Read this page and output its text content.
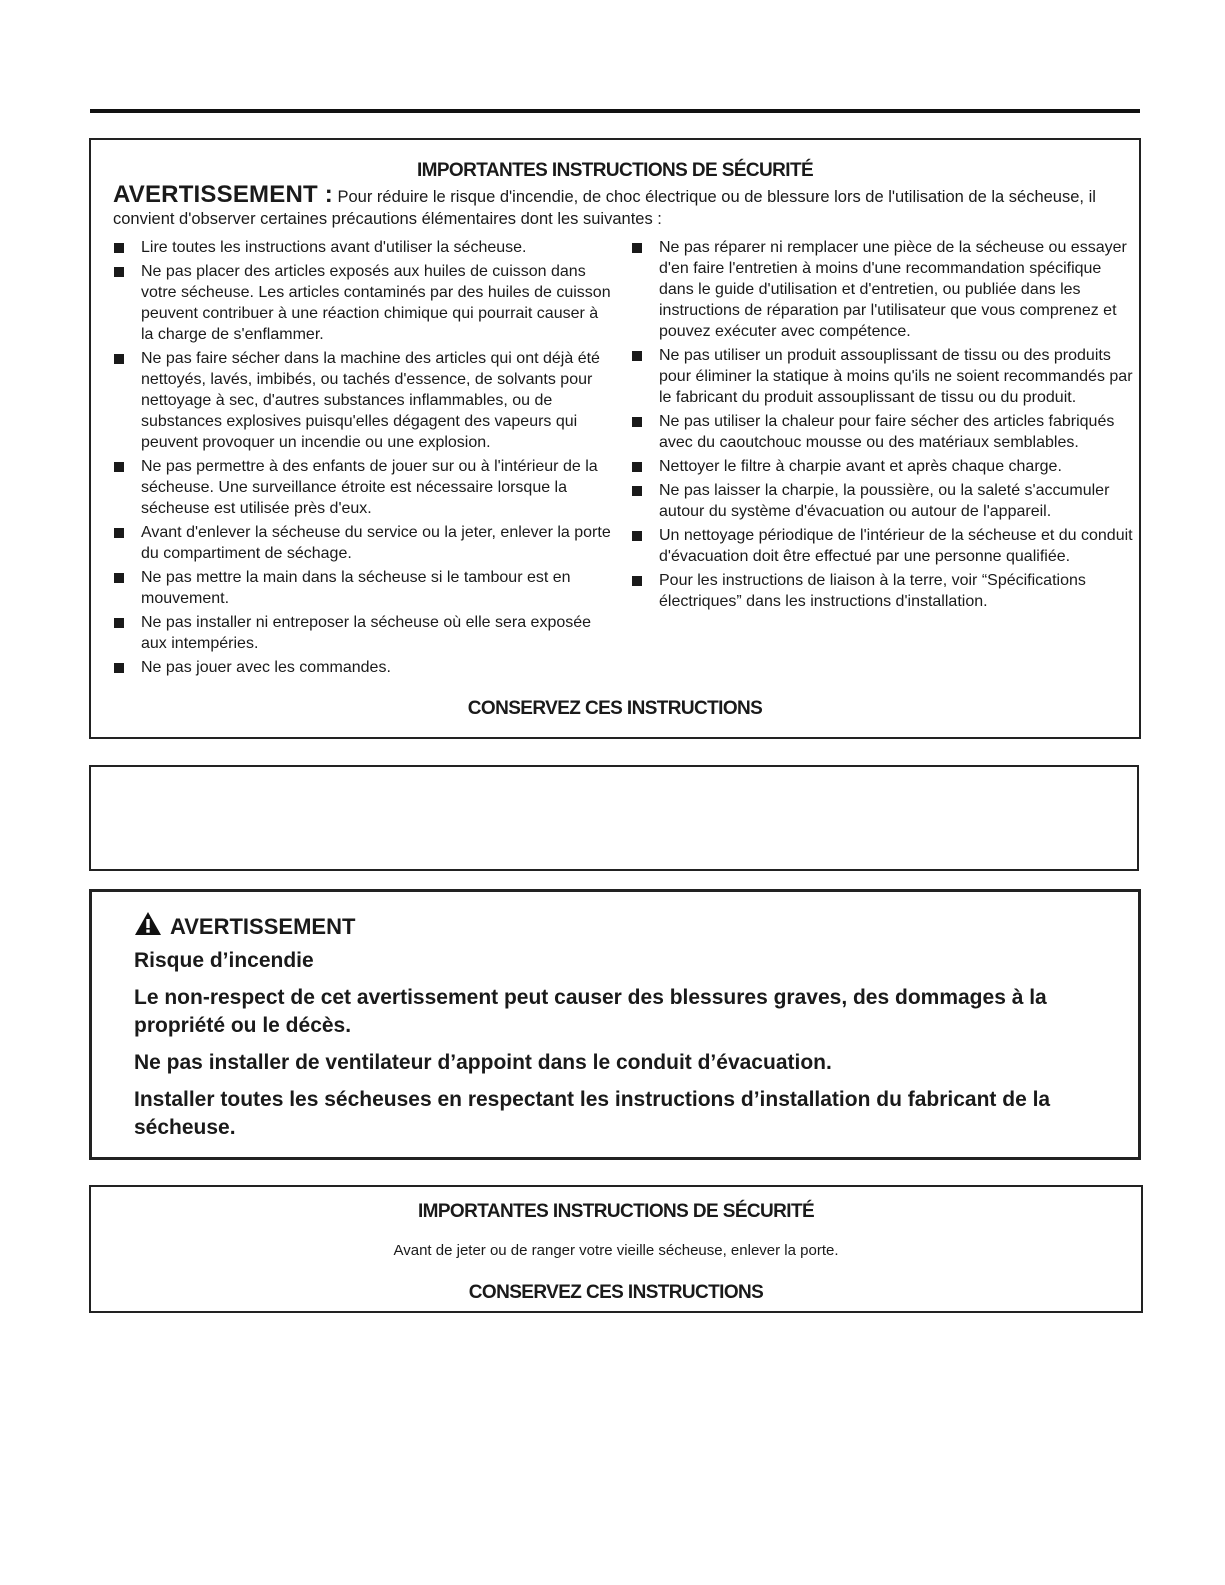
IMPORTANTES INSTRUCTIONS DE SÉCURITÉ
AVERTISSEMENT : Pour réduire le risque d'incendie, de choc électrique ou de blessure lors de l'utilisation de la sécheuse, il convient d'observer certaines précautions élémentaires dont les suivantes :
Lire toutes les instructions avant d'utiliser la sécheuse.
Ne pas placer des articles exposés aux huiles de cuisson dans votre sécheuse. Les articles contaminés par des huiles de cuisson peuvent contribuer à une réaction chimique qui pourrait causer à la charge de s'enflammer.
Ne pas faire sécher dans la machine des articles qui ont déjà été nettoyés, lavés, imbibés, ou tachés d'essence, de solvants pour nettoyage à sec, d'autres substances inflammables, ou de substances explosives puisqu'elles dégagent des vapeurs qui peuvent provoquer un incendie ou une explosion.
Ne pas permettre à des enfants de jouer sur ou à l'intérieur de la sécheuse. Une surveillance étroite est nécessaire lorsque la sécheuse est utilisée près d'eux.
Avant d'enlever la sécheuse du service ou la jeter, enlever la porte du compartiment de séchage.
Ne pas mettre la main dans la sécheuse si le tambour est en mouvement.
Ne pas installer ni entreposer la sécheuse où elle sera exposée aux intempéries.
Ne pas jouer avec les commandes.
Ne pas réparer ni remplacer une pièce de la sécheuse ou essayer d'en faire l'entretien à moins d'une recommandation spécifique dans le guide d'utilisation et d'entretien, ou publiée dans les instructions de réparation par l'utilisateur que vous comprenez et pouvez exécuter avec compétence.
Ne pas utiliser un produit assouplissant de tissu ou des produits pour éliminer la statique à moins qu'ils ne soient recommandés par le fabricant du produit assouplissant de tissu ou du produit.
Ne pas utiliser la chaleur pour faire sécher des articles fabriqués avec du caoutchouc mousse ou des matériaux semblables.
Nettoyer le filtre à charpie avant et après chaque charge.
Ne pas laisser la charpie, la poussière, ou la saleté s'accumuler autour du système d'évacuation ou autour de l'appareil.
Un nettoyage périodique de l'intérieur de la sécheuse et du conduit d'évacuation doit être effectué par une personne qualifiée.
Pour les instructions de liaison à la terre, voir “Spécifications électriques” dans les instructions d'installation.
CONSERVEZ CES INSTRUCTIONS
AVERTISSEMENT

Risque d’incendie

Le non-respect de cet avertissement peut causer des blessures graves, des dommages à la propriété ou le décès.

Ne pas installer de ventilateur d’appoint dans le conduit d’évacuation.

Installer toutes les sécheuses en respectant les instructions d’installation du fabricant de la sécheuse.

IMPORTANTES INSTRUCTIONS DE SÉCURITÉ
Avant de jeter ou de ranger votre vieille sécheuse, enlever la porte.
CONSERVEZ CES INSTRUCTIONS
